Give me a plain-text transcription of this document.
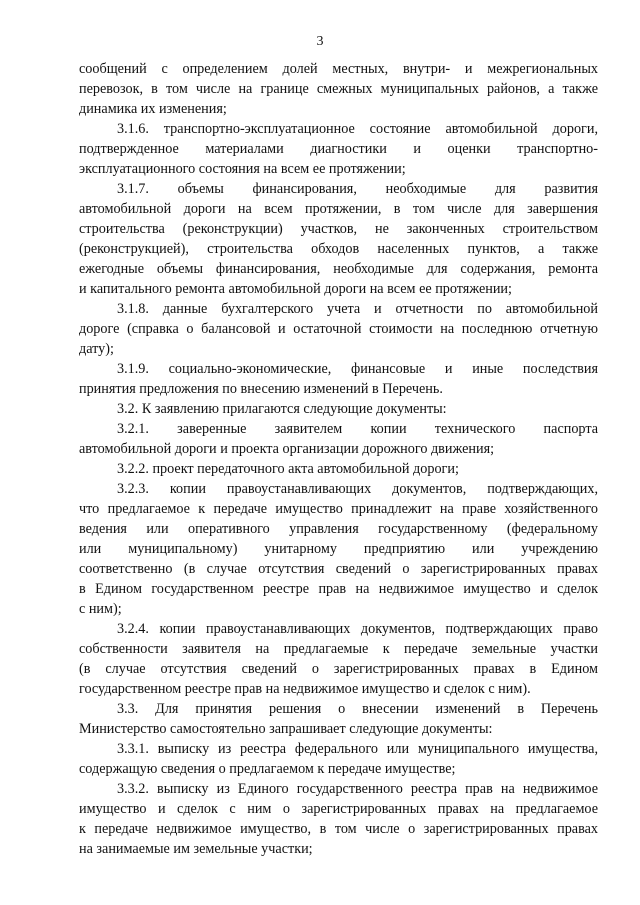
3
сообщений с определением долей местных, внутри- и межрегиональных
перевозок, в том числе на границе смежных муниципальных районов, а также
динамика их изменения;
3.1.6. транспортно-эксплуатационное состояние автомобильной дороги,
подтвержденное материалами диагностики и оценки транспортно-
эксплуатационного состояния на всем ее протяжении;
3.1.7. объемы финансирования, необходимые для развития
автомобильной дороги на всем протяжении, в том числе для завершения
строительства (реконструкции) участков, не законченных строительством
(реконструкцией), строительства обходов населенных пунктов, а также
ежегодные объемы финансирования, необходимые для содержания, ремонта
и капитального ремонта автомобильной дороги на всем ее протяжении;
3.1.8. данные бухгалтерского учета и отчетности по автомобильной
дороге (справка о балансовой и остаточной стоимости на последнюю отчетную
дату);
3.1.9. социально-экономические, финансовые и иные последствия
принятия предложения по внесению изменений в Перечень.
3.2. К заявлению прилагаются следующие документы:
3.2.1. заверенные заявителем копии технического паспорта
автомобильной дороги и проекта организации дорожного движения;
3.2.2. проект передаточного акта автомобильной дороги;
3.2.3. копии правоустанавливающих документов, подтверждающих,
что предлагаемое к передаче имущество принадлежит на праве хозяйственного
ведения или оперативного управления государственному (федеральному
или муниципальному) унитарному предприятию или учреждению
соответственно (в случае отсутствия сведений о зарегистрированных правах
в Едином государственном реестре прав на недвижимое имущество и сделок
с ним);
3.2.4. копии правоустанавливающих документов, подтверждающих право
собственности заявителя на предлагаемые к передаче земельные участки
(в случае отсутствия сведений о зарегистрированных правах в Едином
государственном реестре прав на недвижимое имущество и сделок с ним).
3.3. Для принятия решения о внесении изменений в Перечень
Министерство самостоятельно запрашивает следующие документы:
3.3.1. выписку из реестра федерального или муниципального имущества,
содержащую сведения о предлагаемом к передаче имуществе;
3.3.2. выписку из Единого государственного реестра прав на недвижимое
имущество и сделок с ним о зарегистрированных правах на предлагаемое
к передаче недвижимое имущество, в том числе о зарегистрированных правах
на занимаемые им земельные участки;
